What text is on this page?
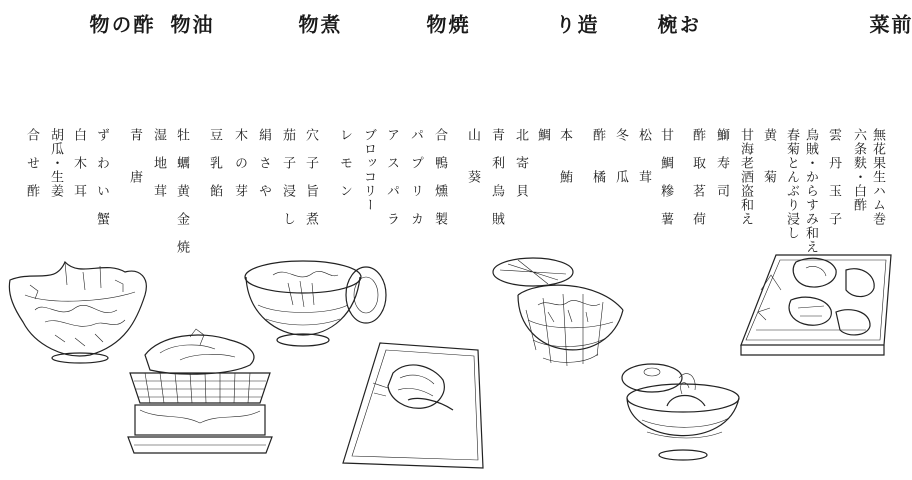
前
菜
お
椀
造
り
焼
物
煮
物
油
物
酢
の
物
無花果生ハム巻
六条麩・白酢
雲　丹　玉　子
烏賊・からすみ和え
春菊とんぶり浸し
黄　　菊
甘海老酒盗和え
鰤　寿　司
酢　取　茗　荷
甘　鯛　糝　薯
松　　茸
冬　　瓜
酢　　橘
本　　鮪
鯛
北　寄　貝
青　利　烏　賊
山　　葵
合　鴨　燻　製
パ　プ　リ　カ
ア　ス　パ　ラ
ブロッコリー
レ　モ　ン
穴　子　旨　煮
茄　子　浸　し
絹　さ　や
木　の　芽
豆　乳　餡
牡　蠣　黄　金　焼
湿　地　茸
青　　唐
ず　わ　い　蟹
白　木　耳
胡瓜・生姜
合　せ　酢
